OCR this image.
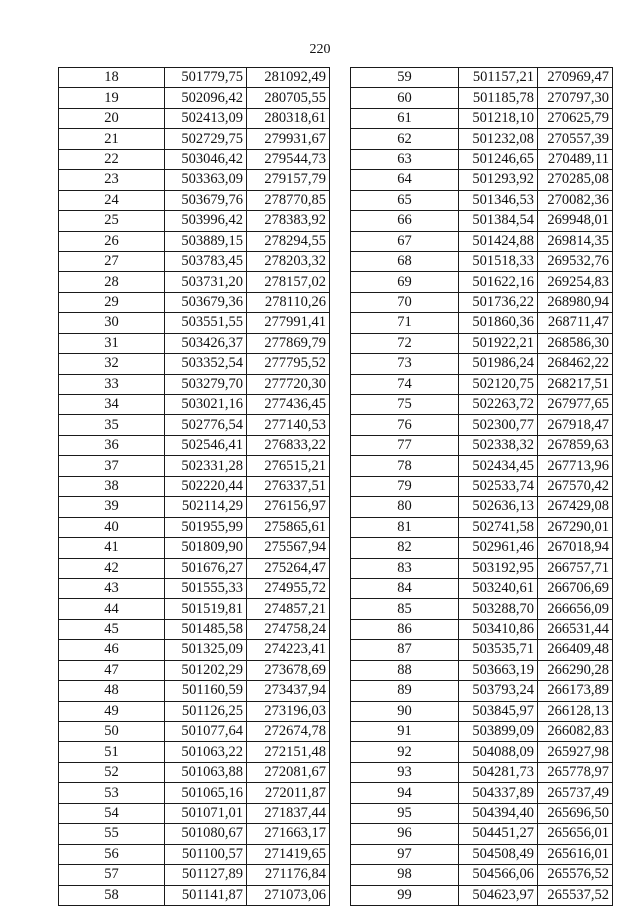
220
18	501779,75	281092,49
19	502096,42	280705,55
20	502413,09	280318,61
21	502729,75	279931,67
22	503046,42	279544,73
23	503363,09	279157,79
24	503679,76	278770,85
25	503996,42	278383,92
26	503889,15	278294,55
27	503783,45	278203,32
28	503731,20	278157,02
29	503679,36	278110,26
30	503551,55	277991,41
31	503426,37	277869,79
32	503352,54	277795,52
33	503279,70	277720,30
34	503021,16	277436,45
35	502776,54	277140,53
36	502546,41	276833,22
37	502331,28	276515,21
38	502220,44	276337,51
39	502114,29	276156,97
40	501955,99	275865,61
41	501809,90	275567,94
42	501676,27	275264,47
43	501555,33	274955,72
44	501519,81	274857,21
45	501485,58	274758,24
46	501325,09	274223,41
47	501202,29	273678,69
48	501160,59	273437,94
49	501126,25	273196,03
50	501077,64	272674,78
51	501063,22	272151,48
52	501063,88	272081,67
53	501065,16	272011,87
54	501071,01	271837,44
55	501080,67	271663,17
56	501100,57	271419,65
57	501127,89	271176,84
58	501141,87	271073,06
59	501157,21	270969,47
60	501185,78	270797,30
61	501218,10	270625,79
62	501232,08	270557,39
63	501246,65	270489,11
64	501293,92	270285,08
65	501346,53	270082,36
66	501384,54	269948,01
67	501424,88	269814,35
68	501518,33	269532,76
69	501622,16	269254,83
70	501736,22	268980,94
71	501860,36	268711,47
72	501922,21	268586,30
73	501986,24	268462,22
74	502120,75	268217,51
75	502263,72	267977,65
76	502300,77	267918,47
77	502338,32	267859,63
78	502434,45	267713,96
79	502533,74	267570,42
80	502636,13	267429,08
81	502741,58	267290,01
82	502961,46	267018,94
83	503192,95	266757,71
84	503240,61	266706,69
85	503288,70	266656,09
86	503410,86	266531,44
87	503535,71	266409,48
88	503663,19	266290,28
89	503793,24	266173,89
90	503845,97	266128,13
91	503899,09	266082,83
92	504088,09	265927,98
93	504281,73	265778,97
94	504337,89	265737,49
95	504394,40	265696,50
96	504451,27	265656,01
97	504508,49	265616,01
98	504566,06	265576,52
99	504623,97	265537,52
